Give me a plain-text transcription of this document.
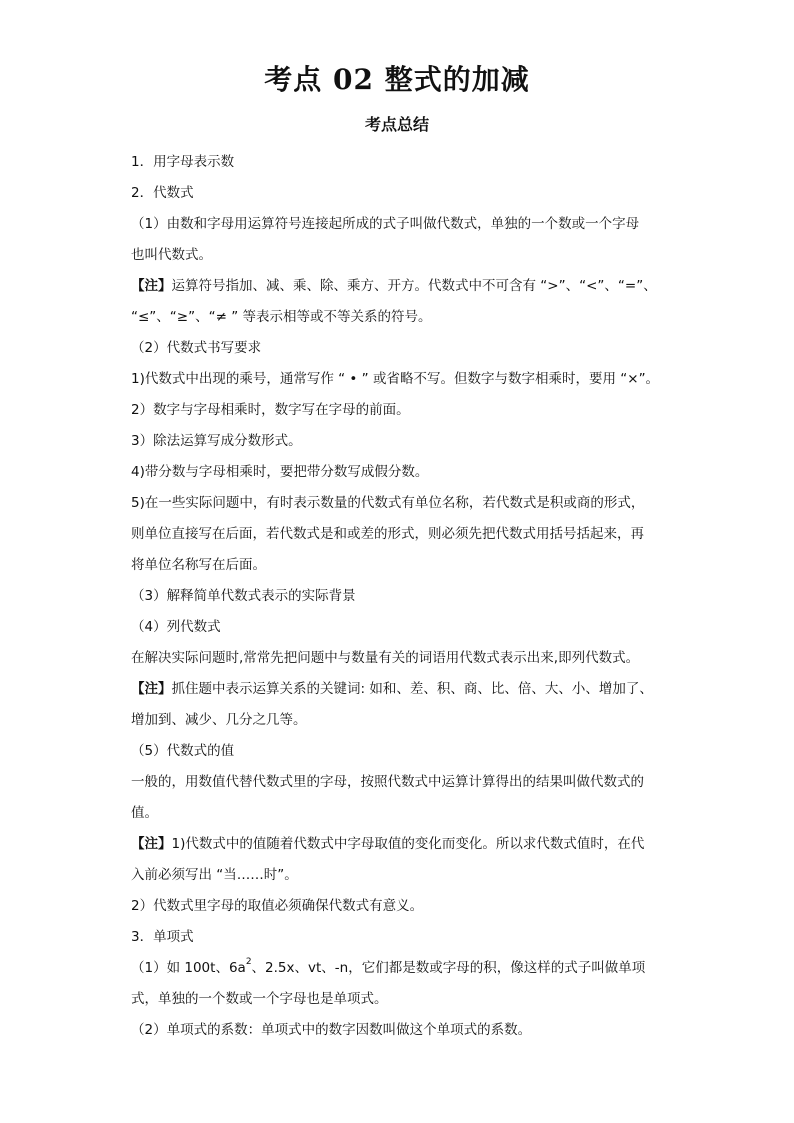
考点 02 整式的加减
考点总结
1．用字母表示数
2．代数式
（1）由数和字母用运算符号连接起所成的式子叫做代数式，单独的一个数或一个字母
也叫代数式。
【注】运算符号指加、减、乘、除、乘方、开方。代数式中不可含有 “>”、“<”、“=”、
“≤”、“≥”、“≠ ” 等表示相等或不等关系的符号。
（2）代数式书写要求
1)代数式中出现的乘号，通常写作 “ • ” 或省略不写。但数字与数字相乘时，要用 “×”。
2）数字与字母相乘时，数字写在字母的前面。
3）除法运算写成分数形式。
4)带分数与字母相乘时，要把带分数写成假分数。
5)在一些实际问题中，有时表示数量的代数式有单位名称，若代数式是积或商的形式，
则单位直接写在后面，若代数式是和或差的形式，则必须先把代数式用括号括起来，再
将单位名称写在后面。
（3）解释简单代数式表示的实际背景
（4）列代数式
在解决实际问题时,常常先把问题中与数量有关的词语用代数式表示出来,即列代数式。
【注】抓住题中表示运算关系的关键词: 如和、差、积、商、比、倍、大、小、增加了、
增加到、减少、几分之几等。
（5）代数式的值
一般的，用数值代替代数式里的字母，按照代数式中运算计算得出的结果叫做代数式的
值。
【注】1)代数式中的值随着代数式中字母取值的变化而变化。所以求代数式值时，在代
入前必须写出 “当……时”。
2）代数式里字母的取值必须确保代数式有意义。
3．单项式
（1）如 100t、$6a^2$、2.5x、vt、-n，它们都是数或字母的积，像这样的式子叫做单项
式，单独的一个数或一个字母也是单项式。
（2）单项式的系数：单项式中的数字因数叫做这个单项式的系数。
